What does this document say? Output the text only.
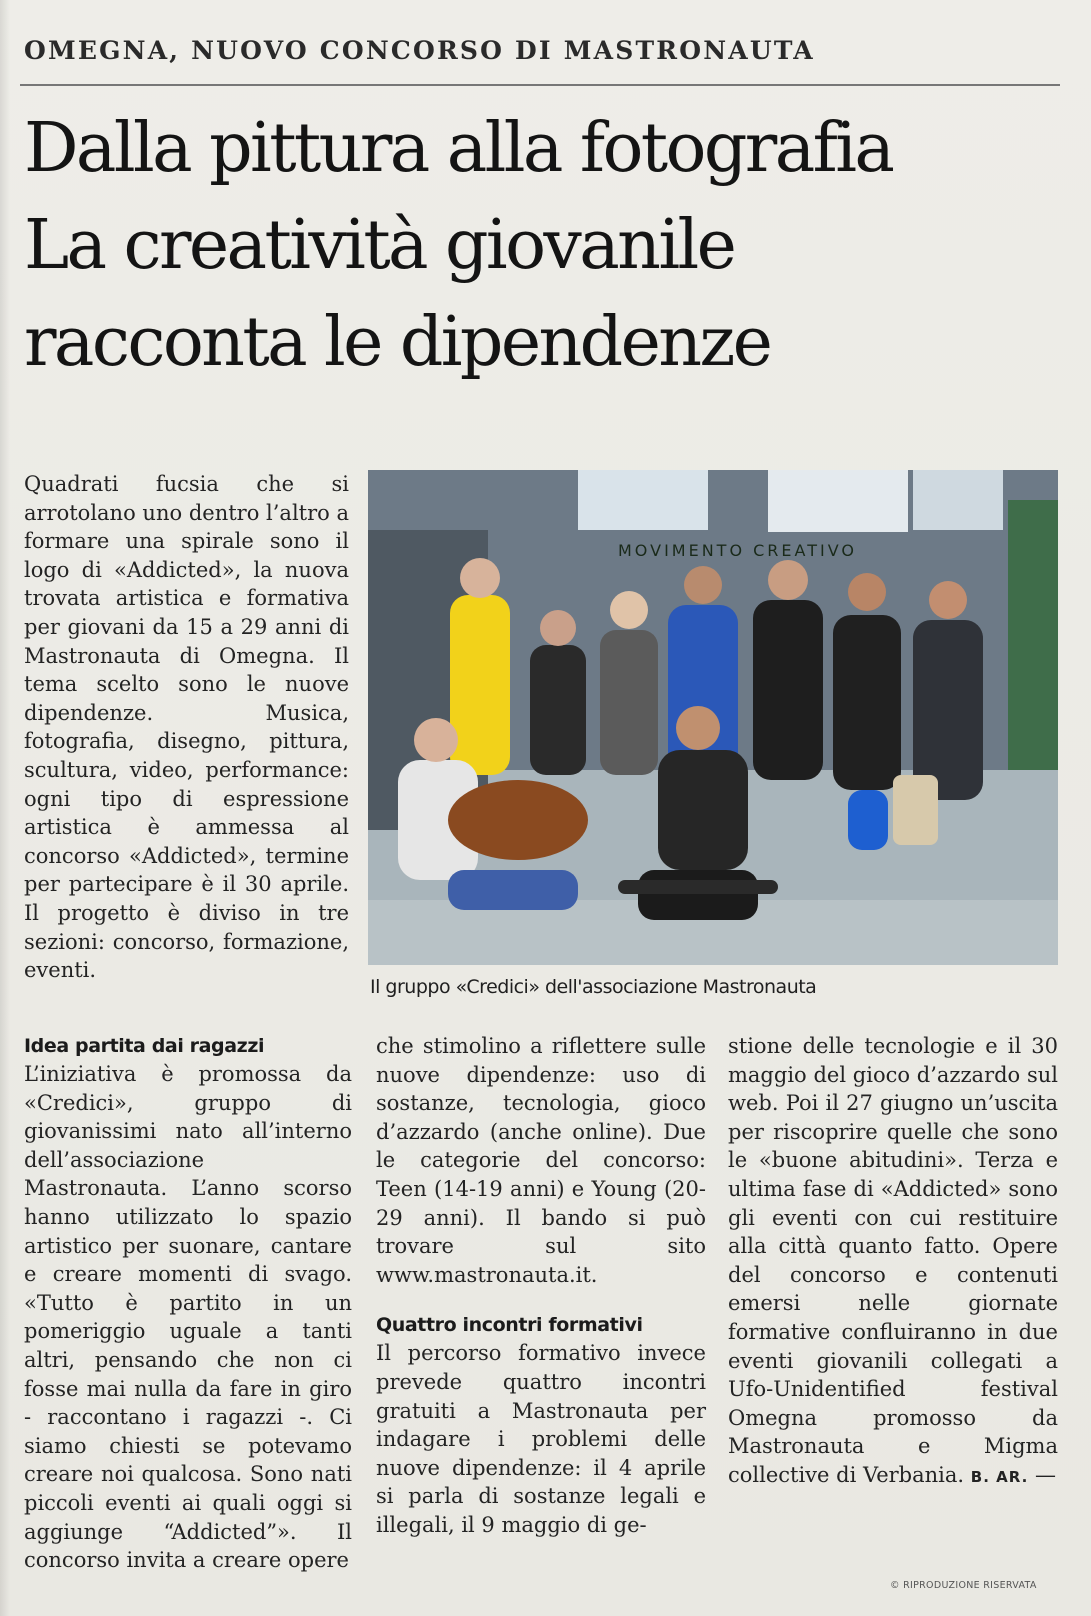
OMEGNA, NUOVO CONCORSO DI MASTRONAUTA
Dalla pittura alla fotografia
La creatività giovanile
racconta le dipendenze
Quadrati fucsia che si arrotolano uno dentro l’altro a formare una spirale sono il logo di «Addicted», la nuova trovata artistica e formativa per giovani da 15 a 29 anni di Mastronauta di Omegna. Il tema scelto sono le nuove dipendenze. Musica, fotografia, disegno, pittura, scultura, video, performance: ogni tipo di espressione artistica è ammessa al concorso «Addicted», termine per partecipare è il 30 aprile. Il progetto è diviso in tre sezioni: concorso, formazione, eventi.
MOVIMENTO CREATIVO
Il gruppo «Credici» dell'associazione Mastronauta
Idea partita dai ragazzi
L’iniziativa è promossa da «Credici», gruppo di giovanissimi nato all’interno dell’associazione Mastronauta. L’anno scorso hanno utilizzato lo spazio artistico per suonare, cantare e creare momenti di svago. «Tutto è partito in un pomeriggio uguale a tanti altri, pensando che non ci fosse mai nulla da fare in giro - raccontano i ragazzi -. Ci siamo chiesti se potevamo creare noi qualcosa. Sono nati piccoli eventi ai quali oggi si aggiunge “Addicted”». Il concorso invita a creare opere
che stimolino a riflettere sulle nuove dipendenze: uso di sostanze, tecnologia, gioco d’azzardo (anche online). Due le categorie del concorso: Teen (14-19 anni) e Young (20-29 anni). Il bando si può trovare sul sito www.mastronauta.it.
Quattro incontri formativi
Il percorso formativo invece prevede quattro incontri gratuiti a Mastronauta per indagare i problemi delle nuove dipendenze: il 4 aprile si parla di sostanze legali e illegali, il 9 maggio di ge-
stione delle tecnologie e il 30 maggio del gioco d’azzardo sul web. Poi il 27 giugno un’uscita per riscoprire quelle che sono le «buone abitudini». Terza e ultima fase di «Addicted» sono gli eventi con cui restituire alla città quanto fatto. Opere del concorso e contenuti emersi nelle giornate formative confluiranno in due eventi giovanili collegati a Ufo-Unidentified festival Omegna promosso da Mastronauta e Migma collective di Verbania. B. AR. —
© RIPRODUZIONE RISERVATA
